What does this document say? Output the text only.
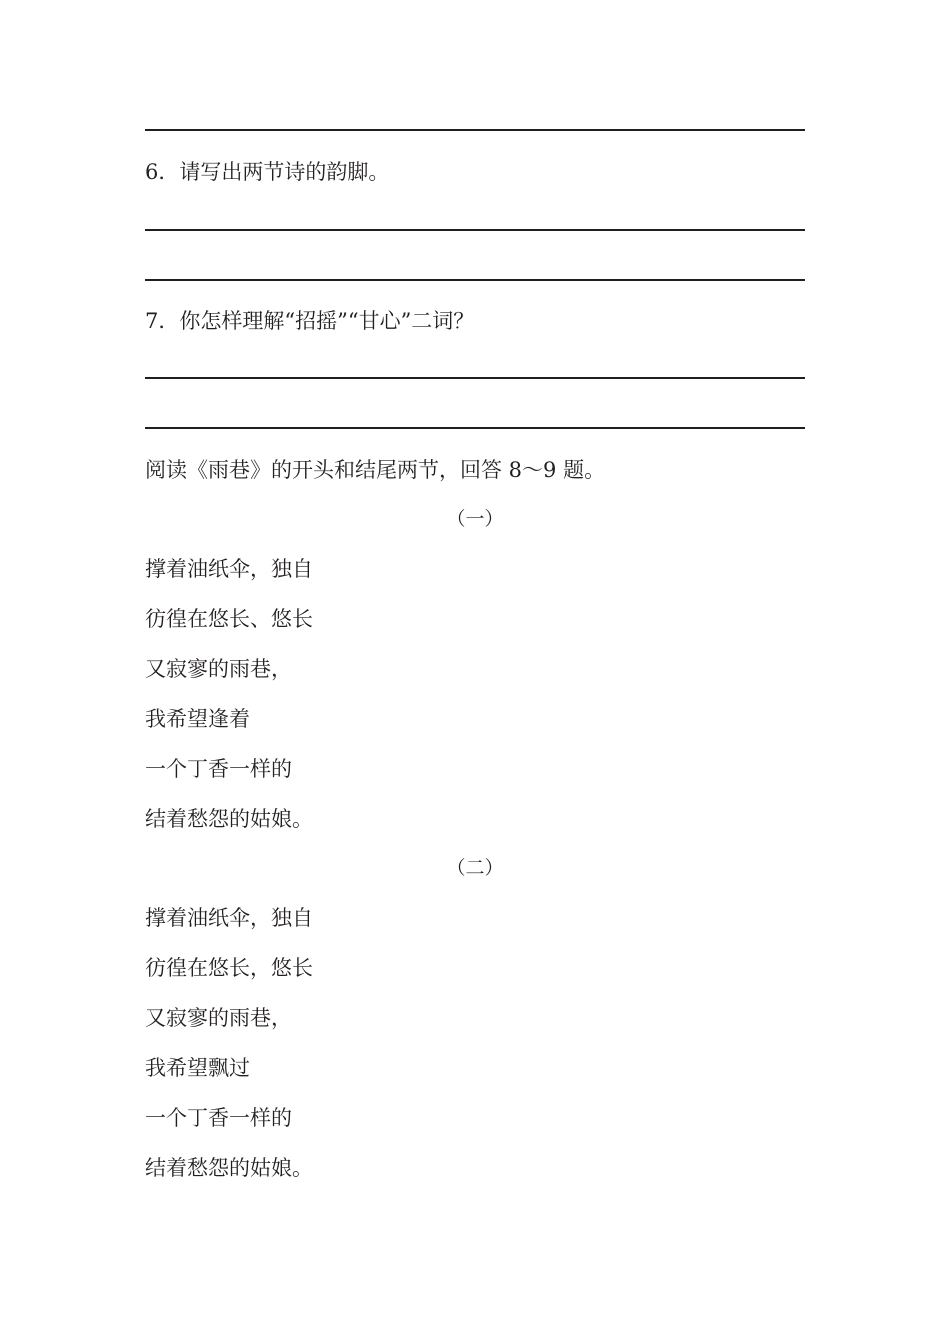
6．请写出两节诗的韵脚。
7．你怎样理解“招摇”“甘心”二词？
阅读《雨巷》的开头和结尾两节，回答 8～9 题。
（一）
撑着油纸伞，独自
彷徨在悠长、悠长
又寂寥的雨巷，
我希望逢着
一个丁香一样的
结着愁怨的姑娘。
（二）
撑着油纸伞，独自
彷徨在悠长，悠长
又寂寥的雨巷，
我希望飘过
一个丁香一样的
结着愁怨的姑娘。
